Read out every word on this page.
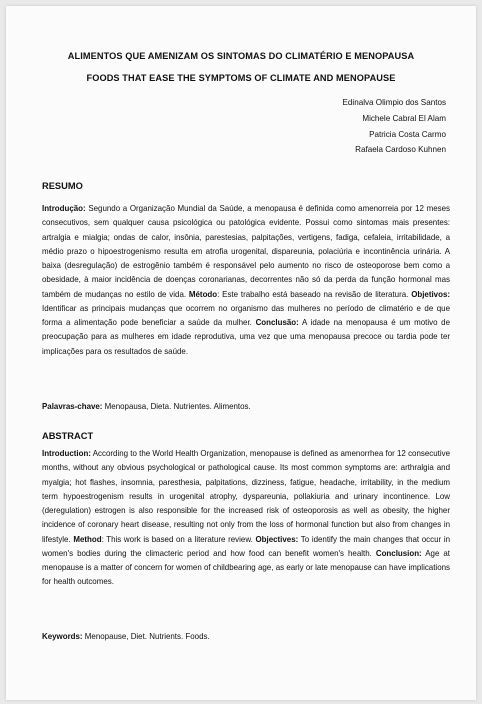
ALIMENTOS QUE AMENIZAM OS SINTOMAS DO CLIMATÉRIO E MENOPAUSA
FOODS THAT EASE THE SYMPTOMS OF CLIMATE AND MENOPAUSE
Edinalva Olimpio dos Santos
Michele Cabral El Alam
Patricia Costa Carmo
Rafaela Cardoso Kuhnen
RESUMO

Introdução: Segundo a Organização Mundial da Saúde, a menopausa é definida como amenorreia por 12 meses consecutivos, sem qualquer causa psicológica ou patológica evidente. Possui como sintomas mais presentes: artralgia e mialgia; ondas de calor, insônia, parestesias, palpitações, vertigens, fadiga, cefaleia, irritabilidade, a médio prazo o hipoestrogenismo resulta em atrofia urogenital, dispareunia, polaciúria e incontinência urinária. A baixa (desregulação) de estrogênio também é responsável pelo aumento no risco de osteoporose bem como a obesidade, à maior incidência de doenças coronarianas, decorrentes não só da perda da função hormonal mas também de mudanças no estilo de vida. Método: Este trabalho está baseado na revisão de literatura. Objetivos: Identificar as principais mudanças que ocorrem no organismo das mulheres no período de climatério e de que forma a alimentação pode beneficiar a saúde da mulher. Conclusão: A idade na menopausa é um motivo de preocupação para as mulheres em idade reprodutiva, uma vez que uma menopausa precoce ou tardia pode ter implicações para os resultados de saúde.

Palavras-chave: Menopausa, Dieta. Nutrientes. Alimentos.

ABSTRACT

Introduction: According to the World Health Organization, menopause is defined as amenorrhea for 12 consecutive months, without any obvious psychological or pathological cause. Its most common symptoms are: arthralgia and myalgia; hot flashes, insomnia, paresthesia, palpitations, dizziness, fatigue, headache, irritability, in the medium term hypoestrogenism results in urogenital atrophy, dyspareunia, pollakiuria and urinary incontinence. Low (deregulation) estrogen is also responsible for the increased risk of osteoporosis as well as obesity, the higher incidence of coronary heart disease, resulting not only from the loss of hormonal function but also from changes in lifestyle. Method: This work is based on a literature review. Objectives: To identify the main changes that occur in women's bodies during the climacteric period and how food can benefit women's health. Conclusion: Age at menopause is a matter of concern for women of childbearing age, as early or late menopause can have implications for health outcomes.

Keywords: Menopause, Diet. Nutrients. Foods.
